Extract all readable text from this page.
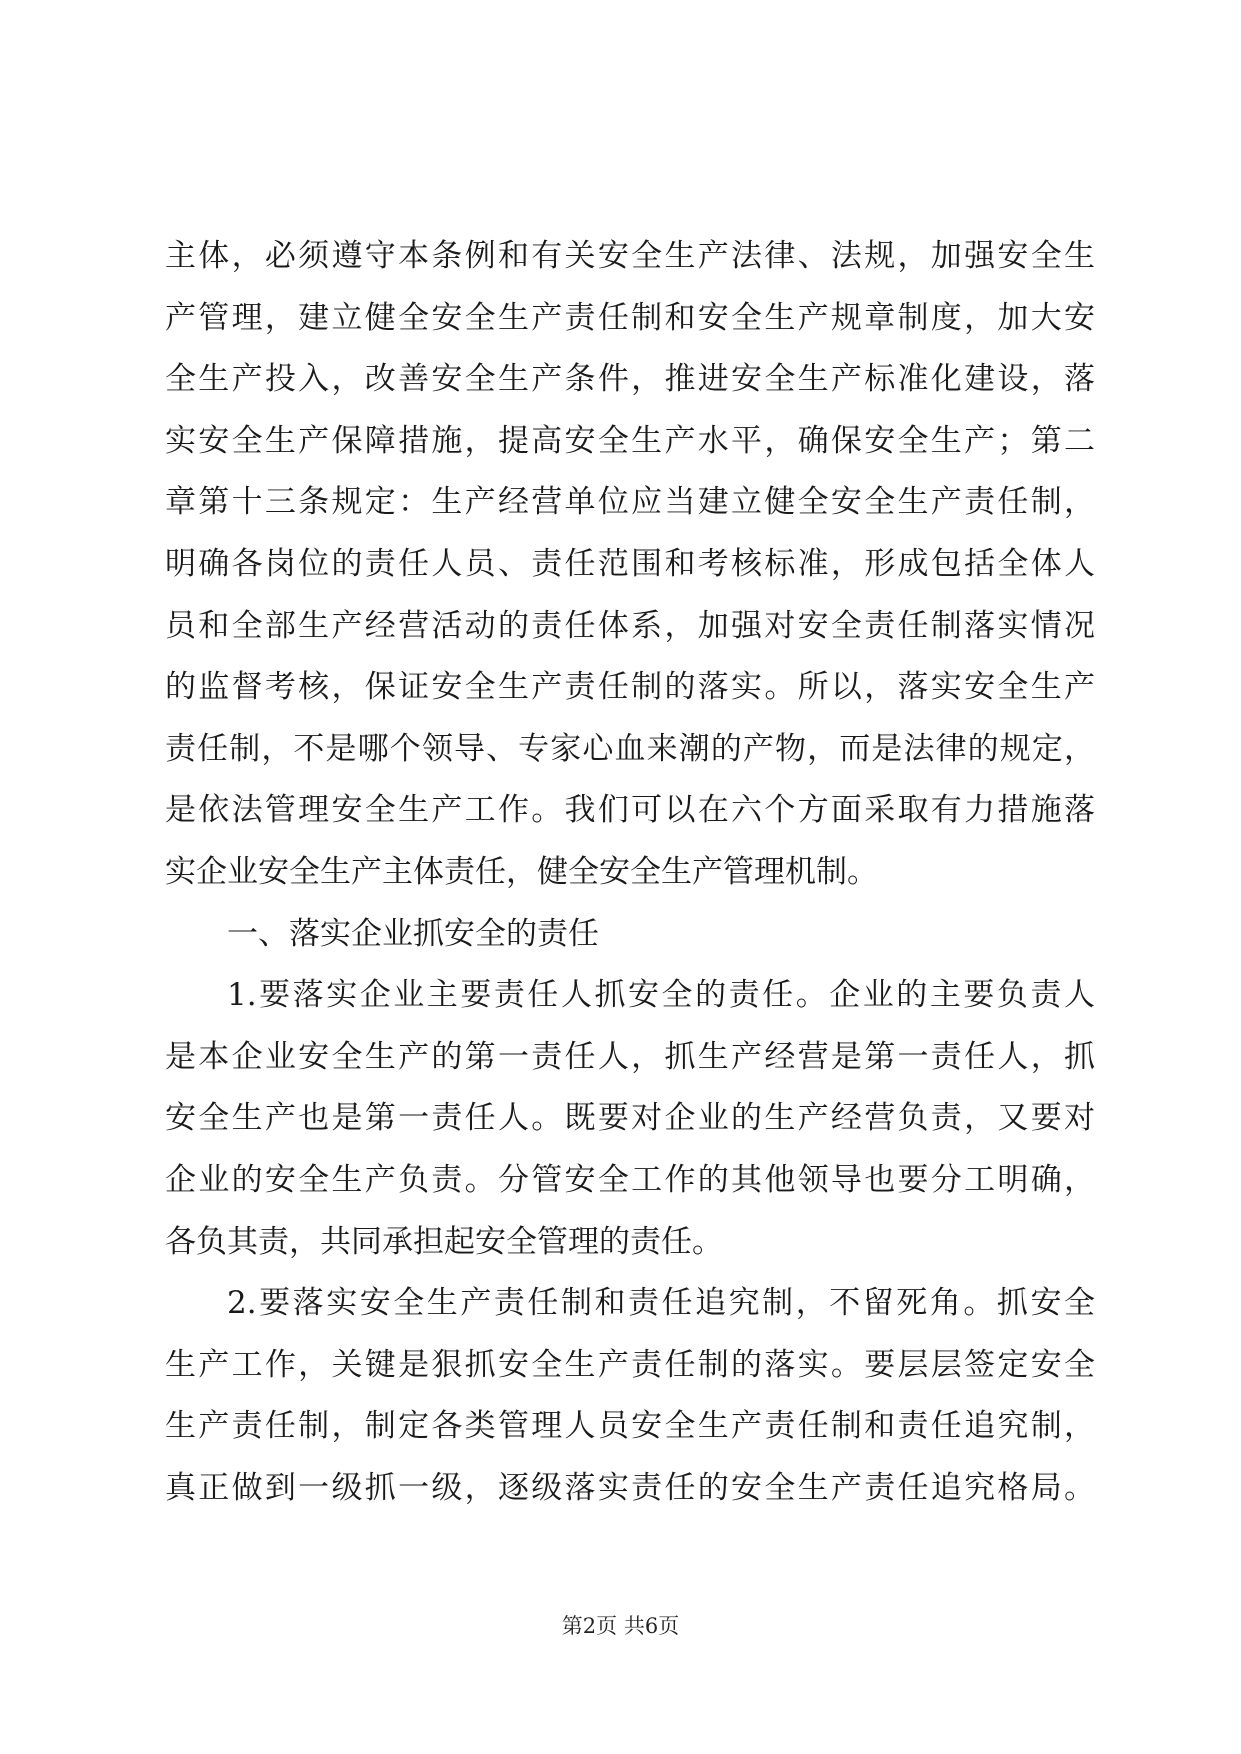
主体，必须遵守本条例和有关安全生产法律、法规，加强安全生
产管理，建立健全安全生产责任制和安全生产规章制度，加大安
全生产投入，改善安全生产条件，推进安全生产标准化建设，落
实安全生产保障措施，提高安全生产水平，确保安全生产；第二
章第十三条规定：生产经营单位应当建立健全安全生产责任制，
明确各岗位的责任人员、责任范围和考核标准，形成包括全体人
员和全部生产经营活动的责任体系，加强对安全责任制落实情况
的监督考核，保证安全生产责任制的落实。所以，落实安全生产
责任制，不是哪个领导、专家心血来潮的产物，而是法律的规定，
是依法管理安全生产工作。我们可以在六个方面采取有力措施落
实企业安全生产主体责任，健全安全生产管理机制。
一、落实企业抓安全的责任
1.要落实企业主要责任人抓安全的责任。企业的主要负责人
是本企业安全生产的第一责任人，抓生产经营是第一责任人，抓
安全生产也是第一责任人。既要对企业的生产经营负责，又要对
企业的安全生产负责。分管安全工作的其他领导也要分工明确，
各负其责，共同承担起安全管理的责任。
2.要落实安全生产责任制和责任追究制，不留死角。抓安全
生产工作，关键是狠抓安全生产责任制的落实。要层层签定安全
生产责任制，制定各类管理人员安全生产责任制和责任追究制，
真正做到一级抓一级，逐级落实责任的安全生产责任追究格局。
第2页 共6页
